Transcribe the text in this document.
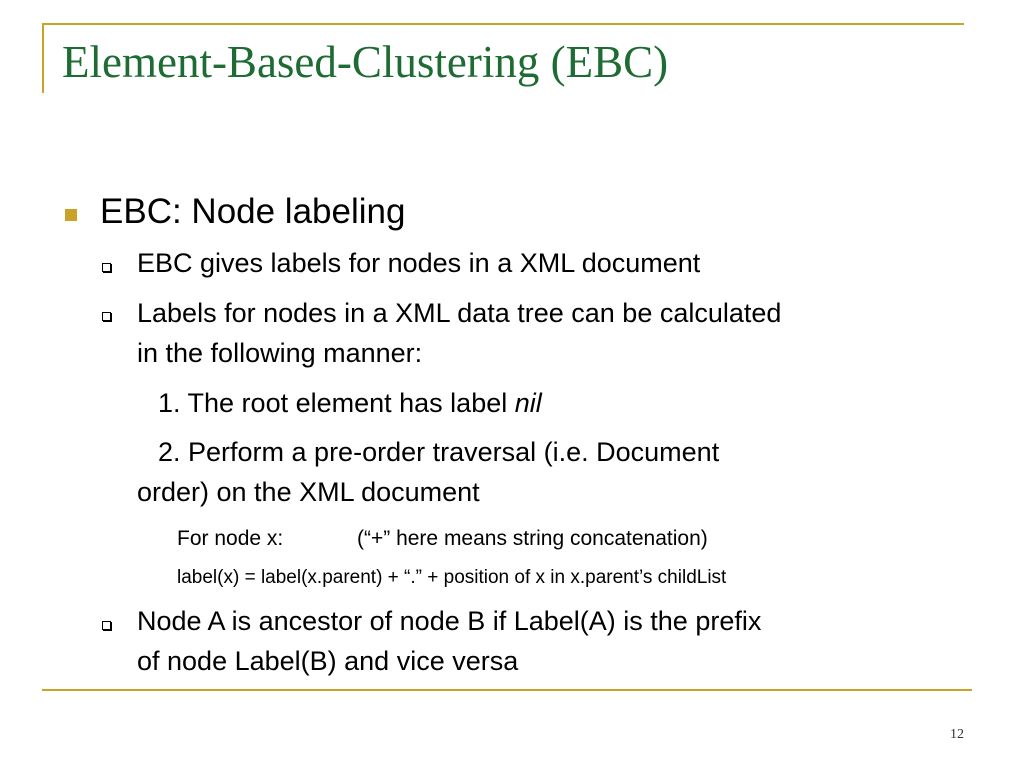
Element-Based-Clustering (EBC)
EBC: Node labeling
EBC gives labels for nodes in a XML document
Labels for nodes in a XML data tree can be calculated
in the following manner:
1. The root element has label nil
2. Perform a pre-order traversal (i.e. Document
order) on the XML document
For node x:	(“+” here means string concatenation)
label(x) = label(x.parent) + “.” + position of x in x.parent’s childList
Node A is ancestor of node B if Label(A) is the prefix
of node Label(B) and vice versa
12
